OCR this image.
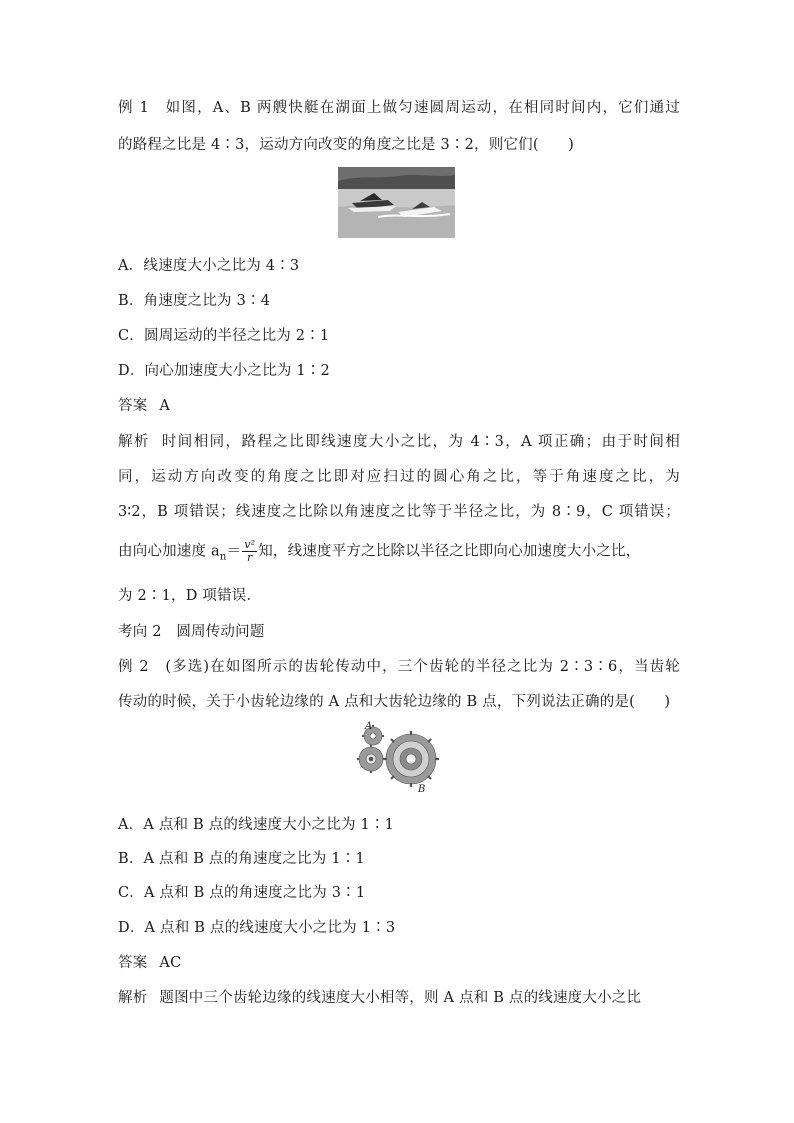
例 1　如图，A、B 两艘快艇在湖面上做匀速圆周运动，在相同时间内，它们通过
的路程之比是 4∶3，运动方向改变的角度之比是 3∶2，则它们(　　)
A．线速度大小之比为 4∶3
B．角速度之比为 3∶4
C．圆周运动的半径之比为 2∶1
D．向心加速度大小之比为 1∶2
答案 A
解析 时间相同，路程之比即线速度大小之比，为 4∶3，A 项正确；由于时间相
同，运动方向改变的角度之比即对应扫过的圆心角之比，等于角速度之比，为
3∶2，B 项错误；线速度之比除以角速度之比等于半径之比，为 8∶9，C 项错误；
由向心加速度 $a_n= \frac{\text{v²}}{r}$ 知，线速度平方之比除以半径之比即向心加速度大小之比，
为 2∶1，D 项错误．
考向 2　圆周传动问题
例 2　(多选)在如图所示的齿轮传动中，三个齿轮的半径之比为 2∶3∶6，当齿轮
传动的时候，关于小齿轮边缘的 A 点和大齿轮边缘的 B 点，下列说法正确的是(　　)
A
B
A．A 点和 B 点的线速度大小之比为 1∶1
B．A 点和 B 点的角速度之比为 1∶1
C．A 点和 B 点的角速度之比为 3∶1
D．A 点和 B 点的线速度大小之比为 1∶3
答案 AC
解析 题图中三个齿轮边缘的线速度大小相等，则 A 点和 B 点的线速度大小之比
